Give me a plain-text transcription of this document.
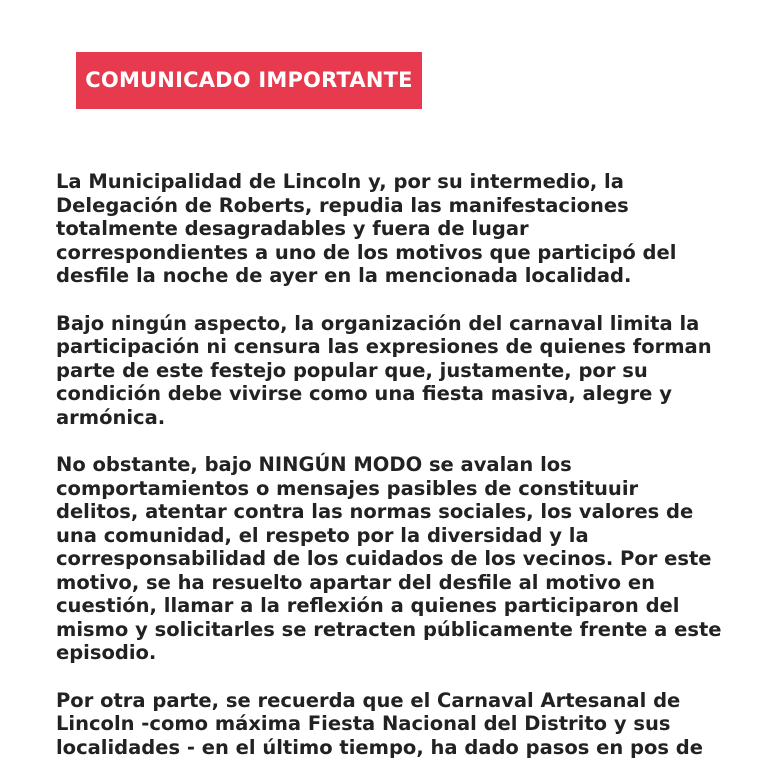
COMUNICADO IMPORTANTE
La Municipalidad de Lincoln y, por su intermedio, la
Delegación de Roberts, repudia las manifestaciones
totalmente desagradables y fuera de lugar
correspondientes a uno de los motivos que participó del
desfile la noche de ayer en la mencionada localidad.
Bajo ningún aspecto, la organización del carnaval limita la
participación ni censura las expresiones de quienes forman
parte de este festejo popular que, justamente, por su
condición debe vivirse como una fiesta masiva, alegre y
armónica.
No obstante, bajo NINGÚN MODO se avalan los
comportamientos o mensajes pasibles de constituuir
delitos, atentar contra las normas sociales, los valores de
una comunidad, el respeto por la diversidad y la
corresponsabilidad de los cuidados de los vecinos. Por este
motivo, se ha resuelto apartar del desfile al motivo en
cuestión, llamar a la reflexión a quienes participaron del
mismo y solicitarles se retracten públicamente frente a este
episodio.
Por otra parte, se recuerda que el Carnaval Artesanal de
Lincoln -como máxima Fiesta Nacional del Distrito y sus
localidades - en el último tiempo, ha dado pasos en pos de
